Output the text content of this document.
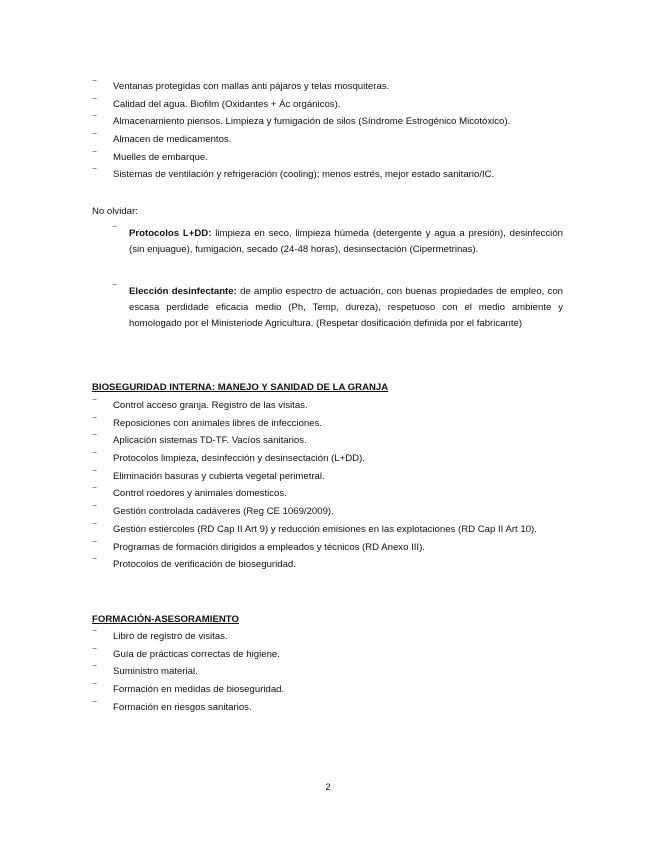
⁻ Ventanas protegidas con mallas anti pájaros y telas mosquiteras.
⁻ Calidad del agua. Biofilm (Oxidantes + Ác orgánicos).
⁻ Almacenamiento piensos. Limpieza y fumigación de silos (Síndrome Estrogénico Micotóxico).
⁻ Almacen de medicamentos.
⁻ Muelles de embarque.
⁻ Sistemas de ventilación y refrigeración (cooling); menos estrés, mejor estado sanitario/IC.
No olvidar:
⁻ Protocolos L+DD: limpieza en seco, limpieza húmeda (detergente y agua a presión), desinfección (sin enjuague), fumigación, secado (24-48 horas), desinsectación (Cipermetrinas).
⁻ Elección desinfectante: de amplio espectro de actuación, con buenas propiedades de empleo, con escasa perdidade eficacia medio (Ph, Temp, dureza), respetuoso con el medio ambiente y homologado por el Ministeriode Agricultura. (Respetar dosificación definida por el fabricante)
BIOSEGURIDAD INTERNA: MANEJO Y SANIDAD DE LA GRANJA
⁻ Control acceso granja. Registro de las visitas.
⁻ Reposiciones con animales libres de infecciones.
⁻ Aplicación sistemas TD-TF. Vacíos sanitarios.
⁻ Protocolos limpieza, desinfección y desinsectación (L+DD).
⁻ Eliminación basuras y cubierta vegetal perimetral.
⁻ Control roedores y animales domesticos.
⁻ Gestión controlada cadáveres (Reg CE 1069/2009).
⁻ Gestión estiércoles (RD Cap II Art 9) y reducción emisiones en las explotaciones (RD Cap II Art 10).
⁻ Programas de formación dirigidos a empleados y técnicos (RD Anexo III).
⁻ Protocolos de verificación de bioseguridad.
FORMACIÓN-ASESORAMIENTO
⁻ Libro de registro de visitas.
⁻ Guía de prácticas correctas de higiene.
⁻ Suministro material.
⁻ Formación en medidas de bioseguridad.
⁻ Formación en riesgos sanitarios.
2
